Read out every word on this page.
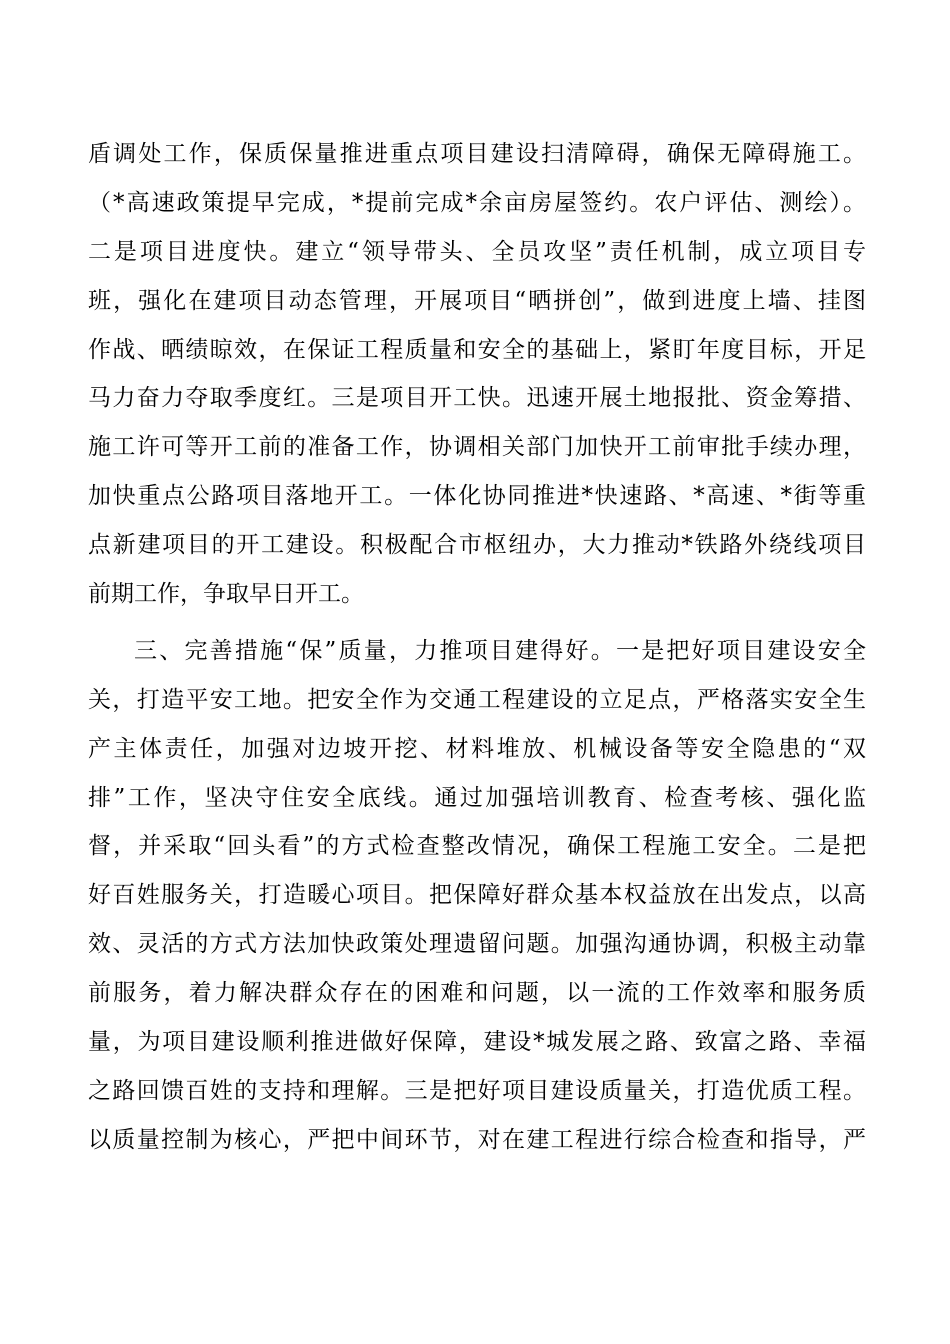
盾调处工作，保质保量推进重点项目建设扫清障碍，确保无障碍施工。
（*高速政策提早完成，*提前完成*余亩房屋签约。农户评估、测绘）。
二是项目进度快。建立“领导带头、全员攻坚”责任机制，成立项目专
班，强化在建项目动态管理，开展项目“晒拼创”，做到进度上墙、挂图
作战、晒绩晾效，在保证工程质量和安全的基础上，紧盯年度目标，开足
马力奋力夺取季度红。三是项目开工快。迅速开展土地报批、资金筹措、
施工许可等开工前的准备工作，协调相关部门加快开工前审批手续办理，
加快重点公路项目落地开工。一体化协同推进*快速路、*高速、*街等重
点新建项目的开工建设。积极配合市枢纽办，大力推动*铁路外绕线项目
前期工作，争取早日开工。
三、完善措施“保”质量，力推项目建得好。一是把好项目建设安全
关，打造平安工地。把安全作为交通工程建设的立足点，严格落实安全生
产主体责任，加强对边坡开挖、材料堆放、机械设备等安全隐患的“双
排”工作，坚决守住安全底线。通过加强培训教育、检查考核、强化监
督，并采取“回头看”的方式检查整改情况，确保工程施工安全。二是把
好百姓服务关，打造暖心项目。把保障好群众基本权益放在出发点，以高
效、灵活的方式方法加快政策处理遗留问题。加强沟通协调，积极主动靠
前服务，着力解决群众存在的困难和问题，以一流的工作效率和服务质
量，为项目建设顺利推进做好保障，建设*城发展之路、致富之路、幸福
之路回馈百姓的支持和理解。三是把好项目建设质量关，打造优质工程。
以质量控制为核心，严把中间环节，对在建工程进行综合检查和指导，严
